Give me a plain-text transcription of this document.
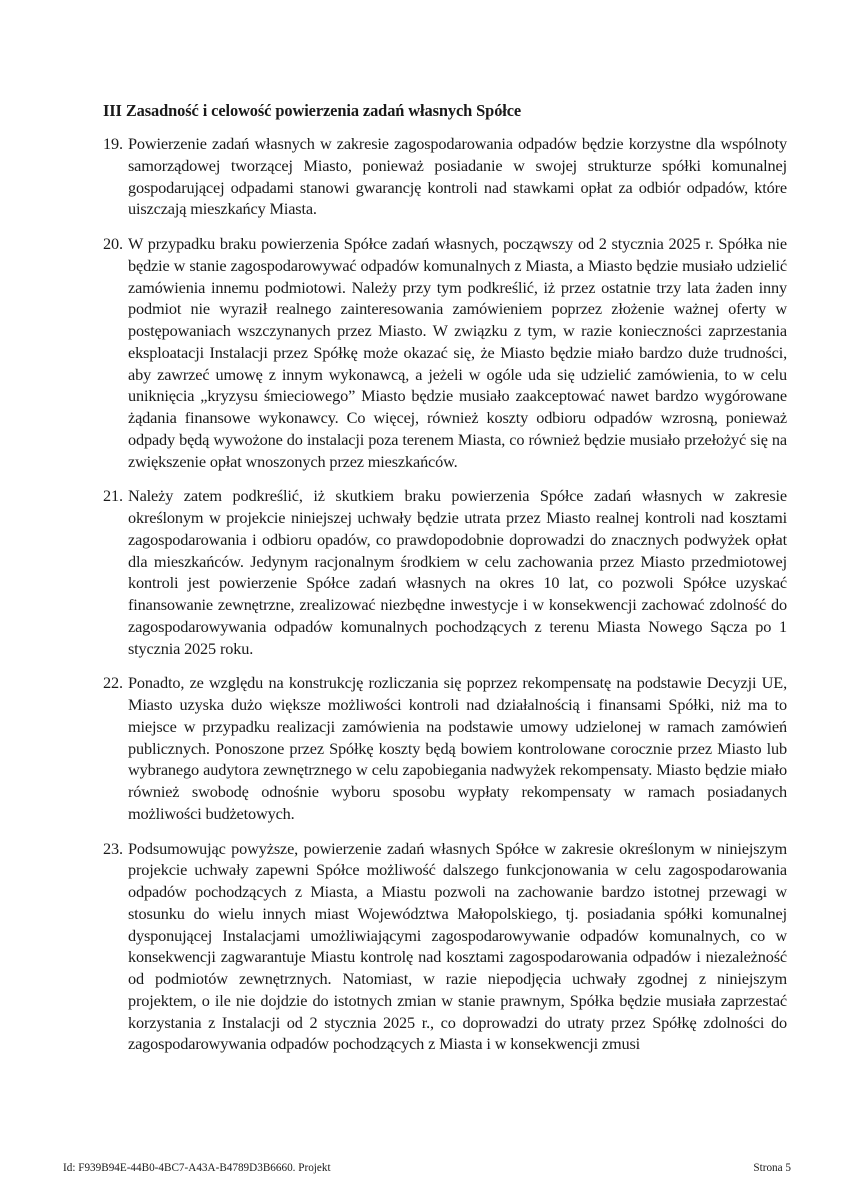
III Zasadność i celowość powierzenia zadań własnych Spółce
19. Powierzenie zadań własnych w zakresie zagospodarowania odpadów będzie korzystne dla wspólnoty samorządowej tworzącej Miasto, ponieważ posiadanie w swojej strukturze spółki komunalnej gospodarującej odpadami stanowi gwarancję kontroli nad stawkami opłat za odbiór odpadów, które uiszczają mieszkańcy Miasta.
20. W przypadku braku powierzenia Spółce zadań własnych, począwszy od 2 stycznia 2025 r. Spółka nie będzie w stanie zagospodarowywać odpadów komunalnych z Miasta, a Miasto będzie musiało udzielić zamówienia innemu podmiotowi. Należy przy tym podkreślić, iż przez ostatnie trzy lata żaden inny podmiot nie wyraził realnego zainteresowania zamówieniem poprzez złożenie ważnej oferty w postępowaniach wszczynanych przez Miasto. W związku z tym, w razie konieczności zaprzestania eksploatacji Instalacji przez Spółkę może okazać się, że Miasto będzie miało bardzo duże trudności, aby zawrzeć umowę z innym wykonawcą, a jeżeli w ogóle uda się udzielić zamówienia, to w celu uniknięcia „kryzysu śmieciowego” Miasto będzie musiało zaakceptować nawet bardzo wygórowane żądania finansowe wykonawcy. Co więcej, również koszty odbioru odpadów wzrosną, ponieważ odpady będą wywożone do instalacji poza terenem Miasta, co również będzie musiało przełożyć się na zwiększenie opłat wnoszonych przez mieszkańców.
21. Należy zatem podkreślić, iż skutkiem braku powierzenia Spółce zadań własnych w zakresie określonym w projekcie niniejszej uchwały będzie utrata przez Miasto realnej kontroli nad kosztami zagospodarowania i odbioru opadów, co prawdopodobnie doprowadzi do znacznych podwyżek opłat dla mieszkańców. Jedynym racjonalnym środkiem w celu zachowania przez Miasto przedmiotowej kontroli jest powierzenie Spółce zadań własnych na okres 10 lat, co pozwoli Spółce uzyskać finansowanie zewnętrzne, zrealizować niezbędne inwestycje i w konsekwencji zachować zdolność do zagospodarowywania odpadów komunalnych pochodzących z terenu Miasta Nowego Sącza po 1 stycznia 2025 roku.
22. Ponadto, ze względu na konstrukcję rozliczania się poprzez rekompensatę na podstawie Decyzji UE, Miasto uzyska dużo większe możliwości kontroli nad działalnością i finansami Spółki, niż ma to miejsce w przypadku realizacji zamówienia na podstawie umowy udzielonej w ramach zamówień publicznych. Ponoszone przez Spółkę koszty będą bowiem kontrolowane corocznie przez Miasto lub wybranego audytora zewnętrznego w celu zapobiegania nadwyżek rekompensaty. Miasto będzie miało również swobodę odnośnie wyboru sposobu wypłaty rekompensaty w ramach posiadanych możliwości budżetowych.
23. Podsumowując powyższe, powierzenie zadań własnych Spółce w zakresie określonym w niniejszym projekcie uchwały zapewni Spółce możliwość dalszego funkcjonowania w celu zagospodarowania odpadów pochodzących z Miasta, a Miastu pozwoli na zachowanie bardzo istotnej przewagi w stosunku do wielu innych miast Województwa Małopolskiego, tj. posiadania spółki komunalnej dysponującej Instalacjami umożliwiającymi zagospodarowywanie odpadów komunalnych, co w konsekwencji zagwarantuje Miastu kontrolę nad kosztami zagospodarowania odpadów i niezależność od podmiotów zewnętrznych. Natomiast, w razie niepodjęcia uchwały zgodnej z niniejszym projektem, o ile nie dojdzie do istotnych zmian w stanie prawnym, Spółka będzie musiała zaprzestać korzystania z Instalacji od 2 stycznia 2025 r., co doprowadzi do utraty przez Spółkę zdolności do zagospodarowywania odpadów pochodzących z Miasta i w konsekwencji zmusi
Id: F939B94E-44B0-4BC7-A43A-B4789D3B6660. Projekt	Strona 5
